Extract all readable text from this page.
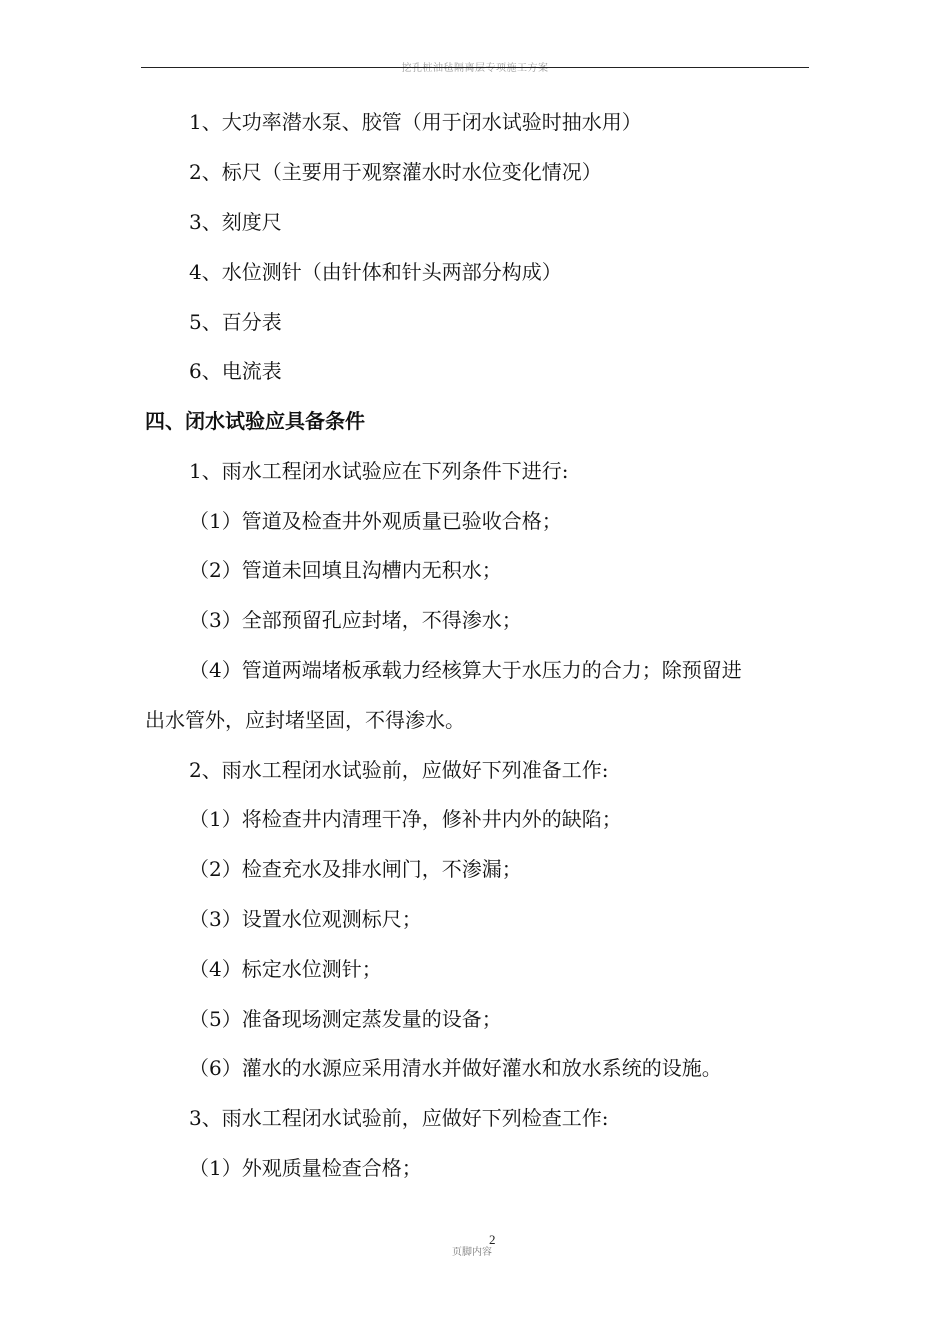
挖孔桩油毡隔离层专项施工方案
1、大功率潜水泵、胶管（用于闭水试验时抽水用）
2、标尺（主要用于观察灌水时水位变化情况）
3、刻度尺
4、水位测针（由针体和针头两部分构成）
5、百分表
6、电流表
四、闭水试验应具备条件
1、雨水工程闭水试验应在下列条件下进行:
（1）管道及检查井外观质量已验收合格；
（2）管道未回填且沟槽内无积水；
（3）全部预留孔应封堵，不得渗水；
（4）管道两端堵板承载力经核算大于水压力的合力；除预留进
出水管外，应封堵坚固，不得渗水。
2、雨水工程闭水试验前，应做好下列准备工作:
（1）将检查井内清理干净，修补井内外的缺陷；
（2）检查充水及排水闸门，不渗漏；
（3）设置水位观测标尺；
（4）标定水位测针；
（5）准备现场测定蒸发量的设备；
（6）灌水的水源应采用清水并做好灌水和放水系统的设施。
3、雨水工程闭水试验前，应做好下列检查工作:
（1）外观质量检查合格；
页脚内容
2
